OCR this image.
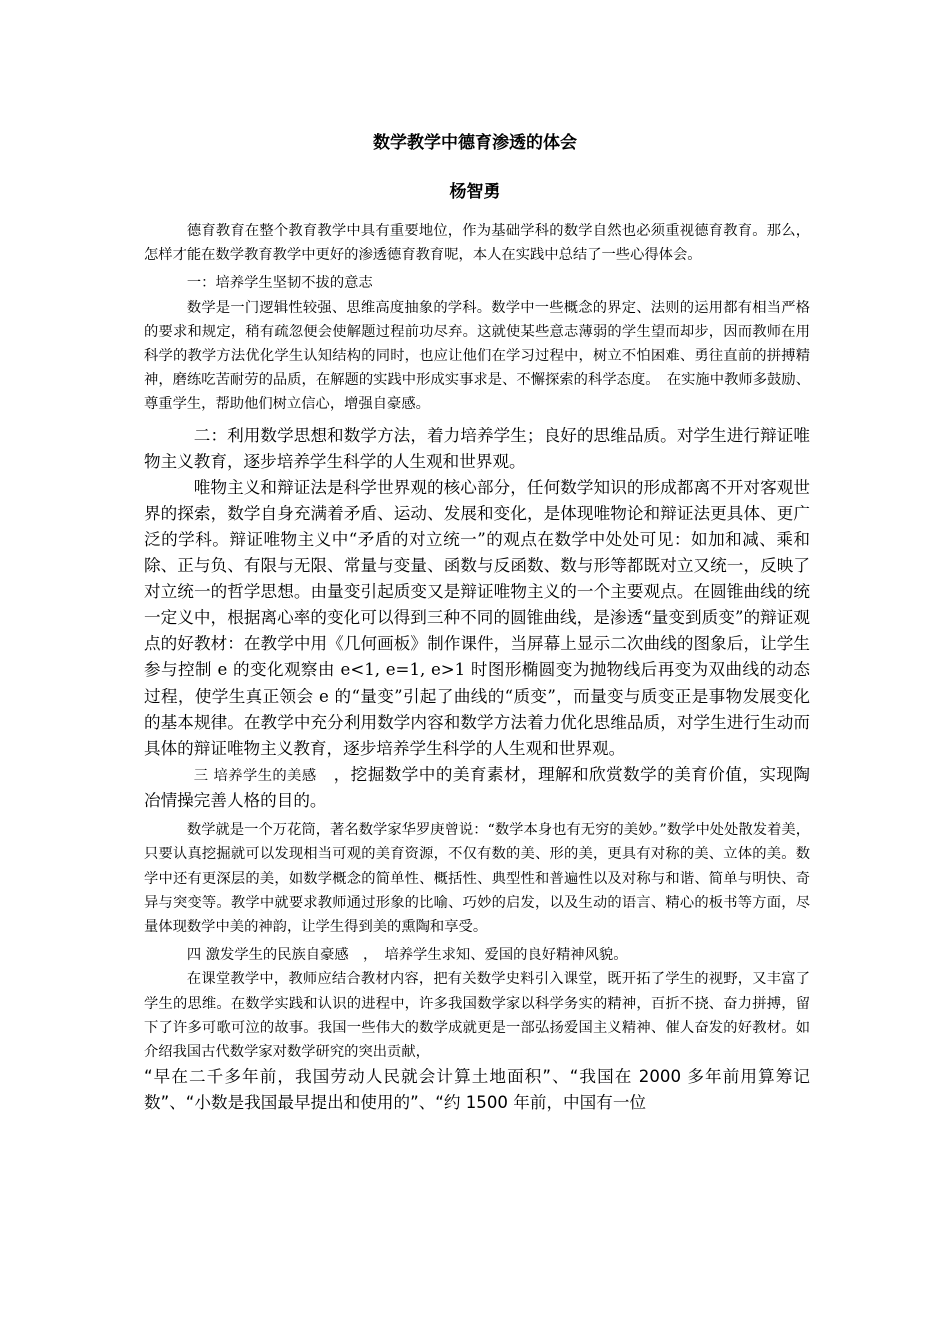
数学教学中德育渗透的体会
杨智勇

德育教育在整个教育教学中具有重要地位，作为基础学科的数学自然也必须重视德育教育。那么，怎样才能在数学教育教学中更好的渗透德育教育呢，本人在实践中总结了一些心得体会。

一：培养学生坚韧不拔的意志

数学是一门逻辑性较强、思维高度抽象的学科。数学中一些概念的界定、法则的运用都有相当严格的要求和规定，稍有疏忽便会使解题过程前功尽弃。这就使某些意志薄弱的学生望而却步，因而教师在用科学的教学方法优化学生认知结构的同时，也应让他们在学习过程中，树立不怕困难、勇往直前的拼搏精神，磨练吃苦耐劳的品质，在解题的实践中形成实事求是、不懈探索的科学态度。　在实施中教师多鼓励、尊重学生，帮助他们树立信心，增强自豪感。

二：利用数学思想和数学方法，着力培养学生；良好的思维品质。对学生进行辩证唯物主义教育，逐步培养学生科学的人生观和世界观。

唯物主义和辩证法是科学世界观的核心部分，任何数学知识的形成都离不开对客观世界的探索，数学自身充满着矛盾、运动、发展和变化，是体现唯物论和辩证法更具体、更广泛的学科。辩证唯物主义中“矛盾的对立统一”的观点在数学中处处可见：如加和减、乘和除、正与负、有限与无限、常量与变量、函数与反函数、数与形等都既对立又统一，反映了对立统一的哲学思想。由量变引起质变又是辩证唯物主义的一个主要观点。在圆锥曲线的统一定义中，根据离心率的变化可以得到三种不同的圆锥曲线，是渗透“量变到质变”的辩证观点的好教材：在教学中用《几何画板》制作课件，当屏幕上显示二次曲线的图象后，让学生参与控制 e 的变化观察由 e<1, e=1, e>1 时图形椭圆变为抛物线后再变为双曲线的动态过程，使学生真正领会 e 的“量变”引起了曲线的“质变”，而量变与质变正是事物发展变化的基本规律。在教学中充分利用数学内容和数学方法着力优化思维品质，对学生进行生动而具体的辩证唯物主义教育，逐步培养学生科学的人生观和世界观。

三 培养学生的美感　，挖掘数学中的美育素材，理解和欣赏数学的美育价值，实现陶冶情操完善人格的目的。

数学就是一个万花筒，著名数学家华罗庚曾说：“数学本身也有无穷的美妙。”数学中处处散发着美，只要认真挖掘就可以发现相当可观的美育资源，不仅有数的美、形的美，更具有对称的美、立体的美。数学中还有更深层的美，如数学概念的简单性、概括性、典型性和普遍性以及对称与和谐、简单与明快、奇异与突变等。教学中就要求教师通过形象的比喻、巧妙的启发，以及生动的语言、精心的板书等方面，尽量体现数学中美的神韵，让学生得到美的熏陶和享受。

四 激发学生的民族自豪感　，　培养学生求知、爱国的良好精神风貌。

在课堂教学中，教师应结合教材内容，把有关数学史料引入课堂，既开拓了学生的视野，又丰富了学生的思维。在数学实践和认识的进程中，许多我国数学家以科学务实的精神，百折不挠、奋力拼搏，留下了许多可歌可泣的故事。我国一些伟大的数学成就更是一部弘扬爱国主义精神、催人奋发的好教材。如介绍我国古代数学家对数学研究的突出贡献，

“早在二千多年前，我国劳动人民就会计算土地面积”、“我国在 2000 多年前用算筹记数”、“小数是我国最早提出和使用的”、“约 1500 年前，中国有一位
